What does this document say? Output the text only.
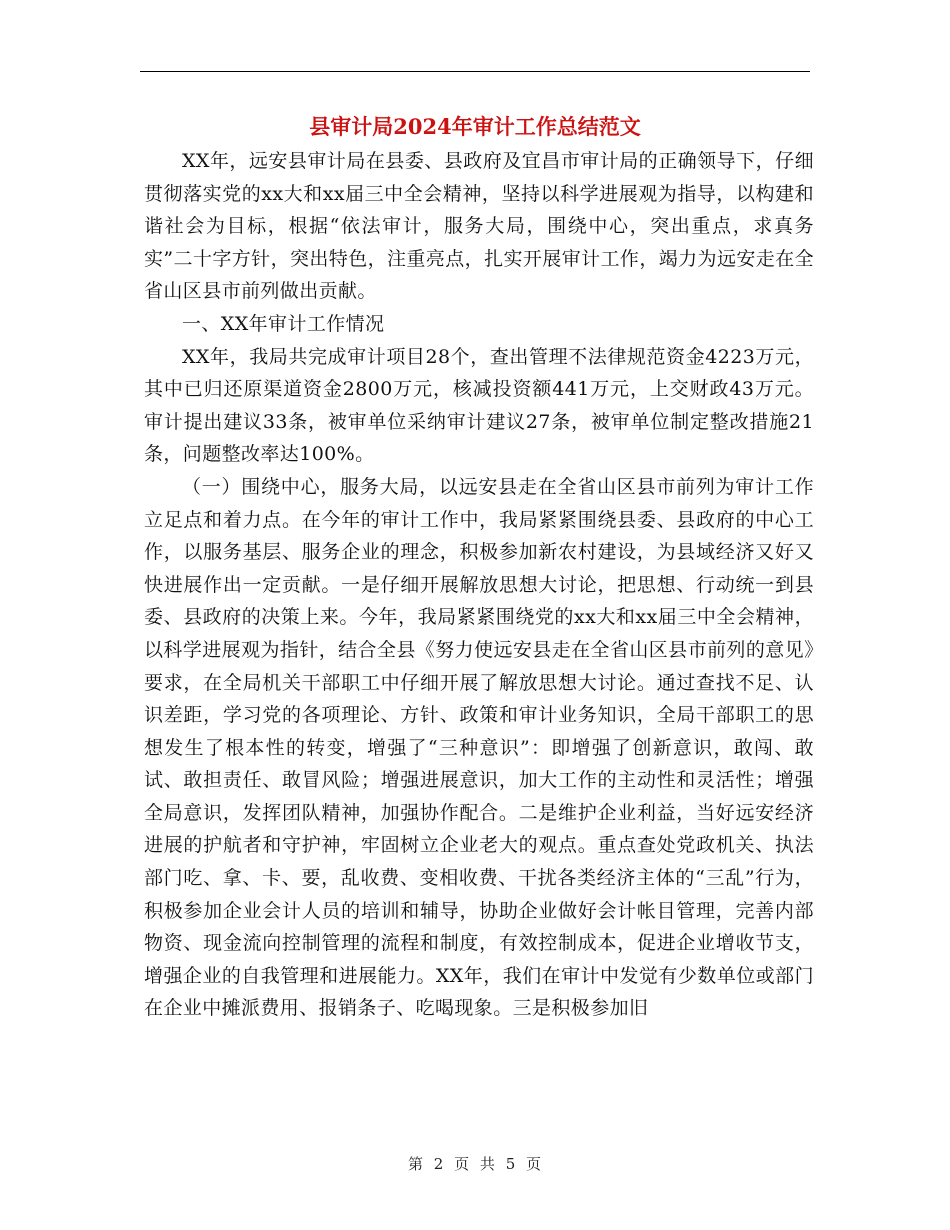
县审计局2024年审计工作总结范文

XX年，远安县审计局在县委、县政府及宜昌市审计局的正确领导下，仔细贯彻落实党的xx大和xx届三中全会精神，坚持以科学进展观为指导，以构建和谐社会为目标，根据“依法审计，服务大局，围绕中心，突出重点，求真务实”二十字方针，突出特色，注重亮点，扎实开展审计工作，竭力为远安走在全省山区县市前列做出贡献。

一、XX年审计工作情况

XX年，我局共完成审计项目28个，查出管理不法律规范资金4223万元，其中已归还原渠道资金2800万元，核减投资额441万元，上交财政43万元。审计提出建议33条，被审单位采纳审计建议27条，被审单位制定整改措施21条，问题整改率达100%。

（一）围绕中心，服务大局，以远安县走在全省山区县市前列为审计工作立足点和着力点。在今年的审计工作中，我局紧紧围绕县委、县政府的中心工作，以服务基层、服务企业的理念，积极参加新农村建设，为县域经济又好又快进展作出一定贡献。一是仔细开展解放思想大讨论，把思想、行动统一到县委、县政府的决策上来。今年，我局紧紧围绕党的xx大和xx届三中全会精神，以科学进展观为指针，结合全县《努力使远安县走在全省山区县市前列的意见》要求，在全局机关干部职工中仔细开展了解放思想大讨论。通过查找不足、认识差距，学习党的各项理论、方针、政策和审计业务知识，全局干部职工的思想发生了根本性的转变，增强了“三种意识”：即增强了创新意识，敢闯、敢试、敢担责任、敢冒风险；增强进展意识，加大工作的主动性和灵活性；增强全局意识，发挥团队精神，加强协作配合。二是维护企业利益，当好远安经济进展的护航者和守护神，牢固树立企业老大的观点。重点查处党政机关、执法部门吃、拿、卡、要，乱收费、变相收费、干扰各类经济主体的“三乱”行为，积极参加企业会计人员的培训和辅导，协助企业做好会计帐目管理，完善内部物资、现金流向控制管理的流程和制度，有效控制成本，促进企业增收节支，增强企业的自我管理和进展能力。XX年，我们在审计中发觉有少数单位或部门在企业中摊派费用、报销条子、吃喝现象。三是积极参加旧

第 2 页 共 5 页
